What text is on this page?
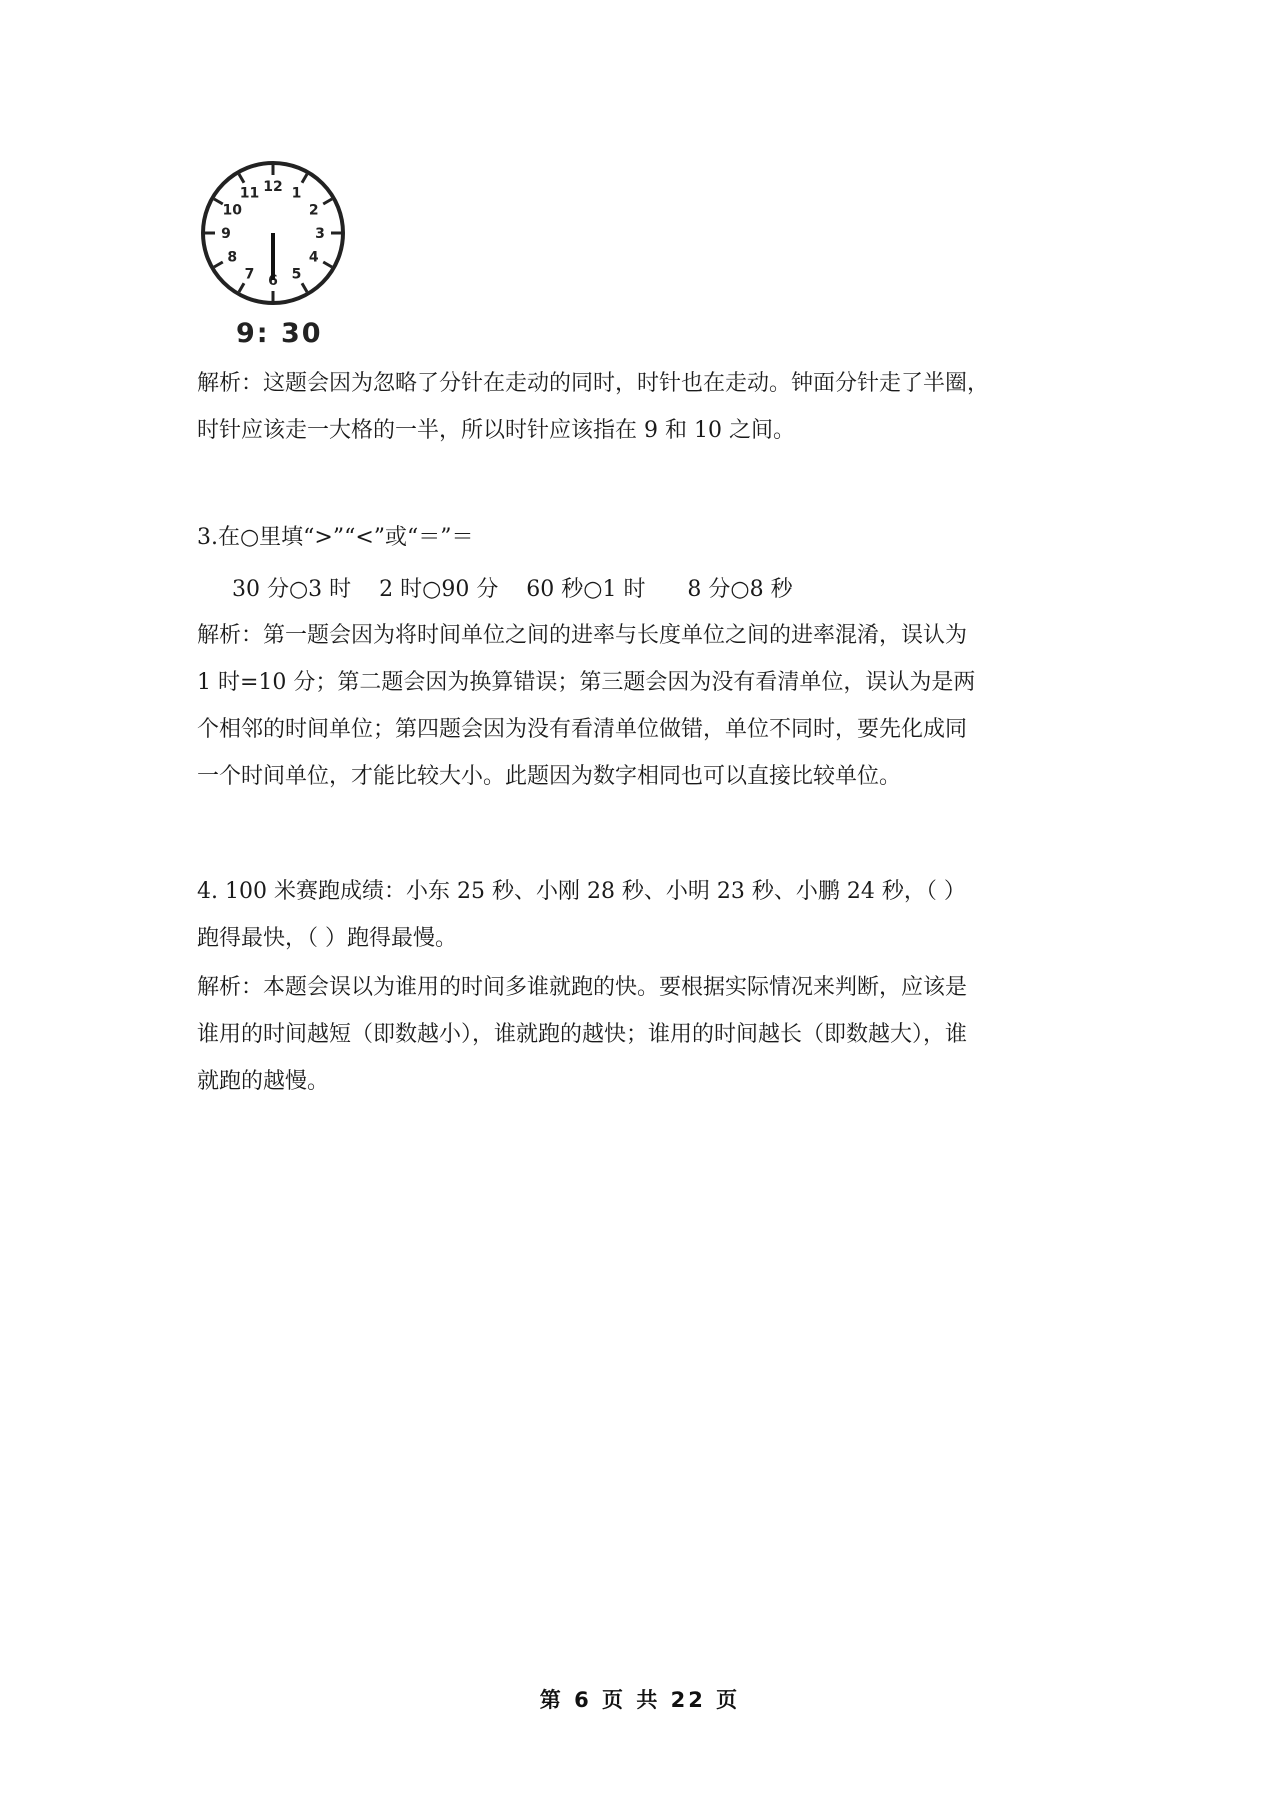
12 1
2
3
4
5
6
7
8
9
10
11
9: 30
解析：这题会因为忽略了分针在走动的同时，时针也在走动。钟面分针走了半圈，
时针应该走一大格的一半，所以时针应该指在 9 和 10 之间。
3.在○里填“>”“<”或“＝”＝
30 分○3 时    2 时○90 分    60 秒○1 时      8 分○8 秒
解析：第一题会因为将时间单位之间的进率与长度单位之间的进率混淆，误认为
1 时=10 分；第二题会因为换算错误；第三题会因为没有看清单位，误认为是两
个相邻的时间单位；第四题会因为没有看清单位做错，单位不同时，要先化成同
一个时间单位，才能比较大小。此题因为数字相同也可以直接比较单位。
4. 100 米赛跑成绩：小东 25 秒、小刚 28 秒、小明 23 秒、小鹏 24 秒，（ ）
跑得最快，（ ）跑得最慢。
解析：本题会误以为谁用的时间多谁就跑的快。要根据实际情况来判断，应该是
谁用的时间越短（即数越小），谁就跑的越快；谁用的时间越长（即数越大），谁
就跑的越慢。
第 6 页 共 22 页
